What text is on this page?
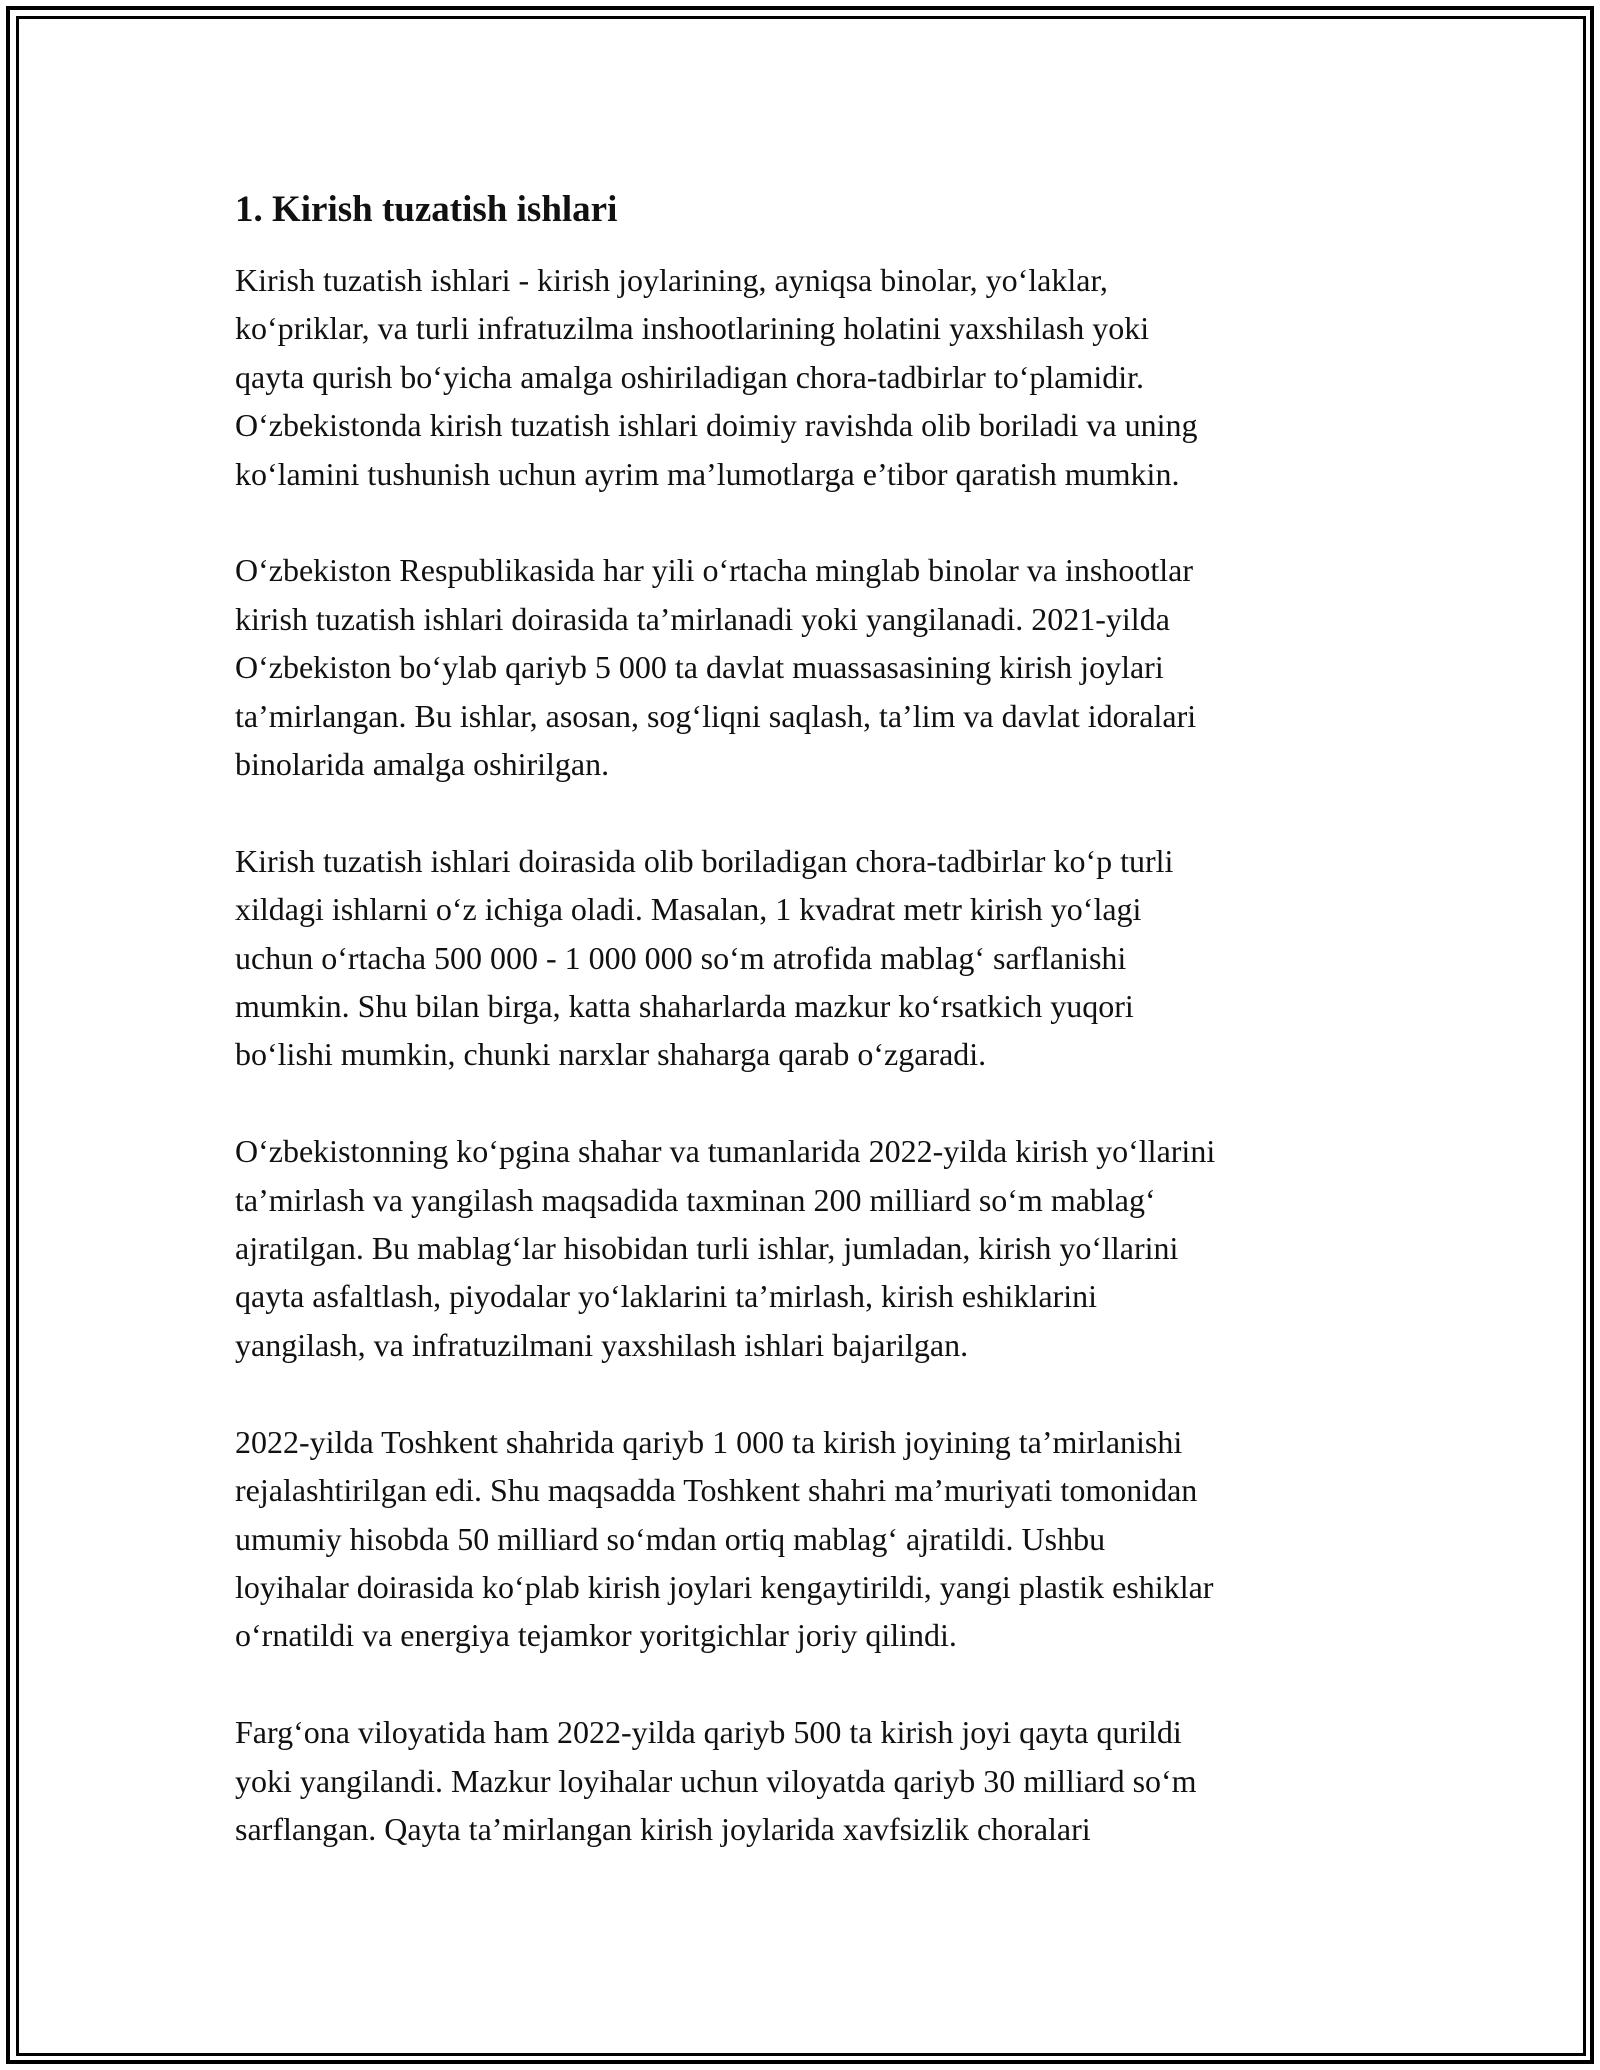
1. Kirish tuzatish ishlari
Kirish tuzatish ishlari - kirish joylarining, ayniqsa binolar, yo‘laklar,
ko‘priklar, va turli infratuzilma inshootlarining holatini yaxshilash yoki
qayta qurish bo‘yicha amalga oshiriladigan chora-tadbirlar to‘plamidir.
O‘zbekistonda kirish tuzatish ishlari doimiy ravishda olib boriladi va uning
ko‘lamini tushunish uchun ayrim ma’lumotlarga e’tibor qaratish mumkin.
O‘zbekiston Respublikasida har yili o‘rtacha minglab binolar va inshootlar
kirish tuzatish ishlari doirasida ta’mirlanadi yoki yangilanadi. 2021-yilda
O‘zbekiston bo‘ylab qariyb 5 000 ta davlat muassasasining kirish joylari
ta’mirlangan. Bu ishlar, asosan, sog‘liqni saqlash, ta’lim va davlat idoralari
binolarida amalga oshirilgan.
Kirish tuzatish ishlari doirasida olib boriladigan chora-tadbirlar ko‘p turli
xildagi ishlarni o‘z ichiga oladi. Masalan, 1 kvadrat metr kirish yo‘lagi
uchun o‘rtacha 500 000 - 1 000 000 so‘m atrofida mablag‘ sarflanishi
mumkin. Shu bilan birga, katta shaharlarda mazkur ko‘rsatkich yuqori
bo‘lishi mumkin, chunki narxlar shaharga qarab o‘zgaradi.
O‘zbekistonning ko‘pgina shahar va tumanlarida 2022-yilda kirish yo‘llarini
ta’mirlash va yangilash maqsadida taxminan 200 milliard so‘m mablag‘
ajratilgan. Bu mablag‘lar hisobidan turli ishlar, jumladan, kirish yo‘llarini
qayta asfaltlash, piyodalar yo‘laklarini ta’mirlash, kirish eshiklarini
yangilash, va infratuzilmani yaxshilash ishlari bajarilgan.
2022-yilda Toshkent shahrida qariyb 1 000 ta kirish joyining ta’mirlanishi
rejalashtirilgan edi. Shu maqsadda Toshkent shahri ma’muriyati tomonidan
umumiy hisobda 50 milliard so‘mdan ortiq mablag‘ ajratildi. Ushbu
loyihalar doirasida ko‘plab kirish joylari kengaytirildi, yangi plastik eshiklar
o‘rnatildi va energiya tejamkor yoritgichlar joriy qilindi.
Farg‘ona viloyatida ham 2022-yilda qariyb 500 ta kirish joyi qayta qurildi
yoki yangilandi. Mazkur loyihalar uchun viloyatda qariyb 30 milliard so‘m
sarflangan. Qayta ta’mirlangan kirish joylarida xavfsizlik choralari
